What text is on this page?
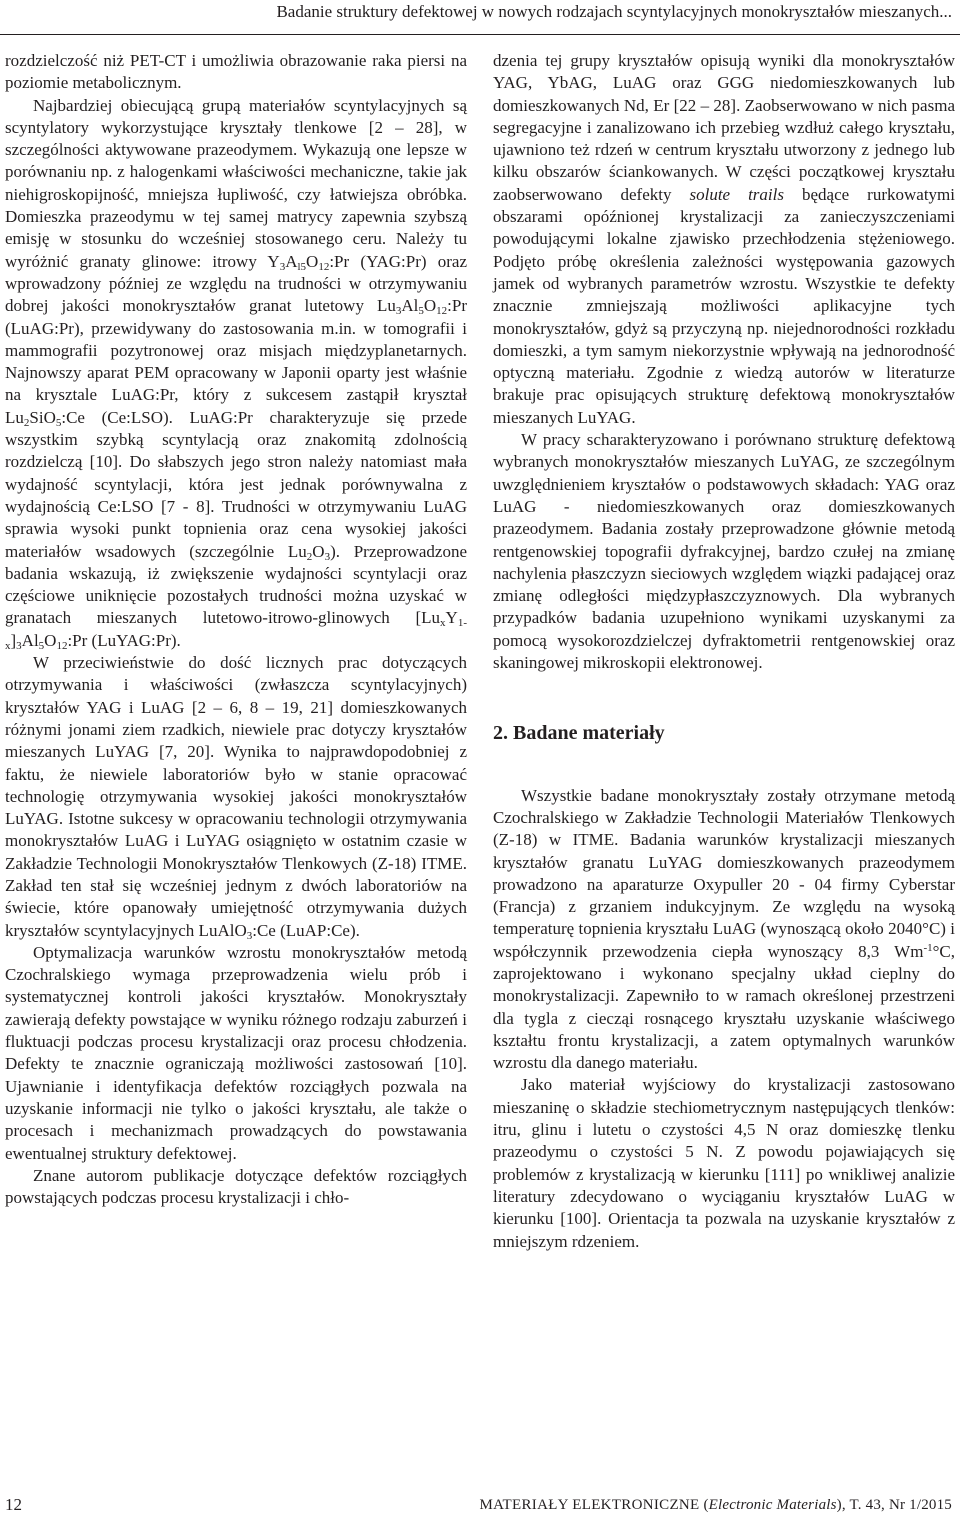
Badanie struktury defektowej w nowych rodzajach scyntylacyjnych monokryształów mieszanych...

rozdzielczość niż PET-CT i umożliwia obrazowanie raka piersi na poziomie metabolicznym.

Najbardziej obiecującą grupą materiałów scyntylacyjnych są scyntylatory wykorzystujące kryształy tlenkowe [2 – 28], w szczególności aktywowane prazeodymem. Wykazują one lepsze w porównaniu np. z halogenkami właściwości mechaniczne, takie jak niehigroskopijność, mniejsza łupliwość, czy łatwiejsza obróbka. Domieszka prazeodymu w tej samej matrycy zapewnia szybszą emisję w stosunku do wcześniej stosowanego ceru. Należy tu wyróżnić granaty glinowe: itrowy $Y_3A_{l5}O_{12}:Pr$ (YAG:Pr) oraz wprowadzony później ze względu na trudności w otrzymywaniu dobrej jakości monokryształów granat lutetowy $Lu_3Al_5O_{12}:Pr$ (LuAG:Pr), przewidywany do zastosowania m.in. w tomografii i mammografii pozytronowej oraz misjach międzyplanetarnych. Najnowszy aparat PEM opracowany w Japonii oparty jest właśnie na krysztale LuAG:Pr, który z sukcesem zastąpił kryształ $Lu_2SiO_5:Ce$ (Ce:LSO). LuAG:Pr charakteryzuje się przede wszystkim szybką scyntylacją oraz znakomitą zdolnością rozdzielczą [10]. Do słabszych jego stron należy natomiast mała wydajność scyntylacji, która jest jednak porównywalna z wydajnością Ce:LSO [7 - 8]. Trudności w otrzymywaniu LuAG sprawia wysoki punkt topnienia oraz cena wysokiej jakości materiałów wsadowych (szczególnie $Lu_2O_3$). Przeprowadzone badania wskazują, iż zwiększenie wydajności scyntylacji oraz częściowe uniknięcie pozostałych trudności można uzyskać w granatach mieszanych lutetowo-itrowo-glinowych $[Lu_xY_{1-x}]_3Al_5O_{12}:Pr$ (LuYAG:Pr).

W przeciwieństwie do dość licznych prac dotyczących otrzymywania i właściwości (zwłaszcza scyntylacyjnych) kryształów YAG i LuAG [2 – 6, 8 – 19, 21] domieszkowanych różnymi jonami ziem rzadkich, niewiele prac dotyczy kryształów mieszanych LuYAG [7, 20]. Wynika to najprawdopodobniej z faktu, że niewiele laboratoriów było w stanie opracować technologię otrzymywania wysokiej jakości monokryształów LuYAG. Istotne sukcesy w opracowaniu technologii otrzymywania monokryształów LuAG i LuYAG osiągnięto w ostatnim czasie w Zakładzie Technologii Monokryształów Tlenkowych (Z-18) ITME. Zakład ten stał się wcześniej jednym z dwóch laboratoriów na świecie, które opanowały umiejętność otrzymywania dużych kryształów scyntylacyjnych LuAlO$_3$:Ce (LuAP:Ce).

Optymalizacja warunków wzrostu monokryształów metodą Czochralskiego wymaga przeprowadzenia wielu prób i systematycznej kontroli jakości kryształów. Monokryształy zawierają defekty powstające w wyniku różnego rodzaju zaburzeń i fluktuacji podczas procesu krystalizacji oraz procesu chłodzenia. Defekty te znacznie ograniczają możliwości zastosowań [10]. Ujawnianie i identyfikacja defektów rozciągłych pozwala na uzyskanie informacji nie tylko o jakości kryształu, ale także o procesach i mechanizmach prowadzących do powstawania ewentualnej struktury defektowej.

Znane autorom publikacje dotyczące defektów rozciągłych powstających podczas procesu krystalizacji i chło-

dzenia tej grupy kryształów opisują wyniki dla monokryształów YAG, YbAG, LuAG oraz GGG niedomieszkowanych lub domieszkowanych Nd, Er [22 – 28]. Zaobserwowano w nich pasma segregacyjne i zanalizowano ich przebieg wzdłuż całego kryształu, ujawniono też rdzeń w centrum kryształu utworzony z jednego lub kilku obszarów ściankowanych. W części początkowej kryształu zaobserwowano defekty solute trails będące rurkowatymi obszarami opóźnionej krystalizacji za zanieczyszczeniami powodującymi lokalne zjawisko przechłodzenia stężeniowego. Podjęto próbę określenia zależności występowania gazowych jamek od wybranych parametrów wzrostu. Wszystkie te defekty znacznie zmniejszają możliwości aplikacyjne tych monokryształów, gdyż są przyczyną np. niejednorodności rozkładu domieszki, a tym samym niekorzystnie wpływają na jednorodność optyczną materiału. Zgodnie z wiedzą autorów w literaturze brakuje prac opisujących strukturę defektową monokryształów mieszanych LuYAG.

W pracy scharakteryzowano i porównano strukturę defektową wybranych monokryształów mieszanych LuYAG, ze szczególnym uwzględnieniem kryształów o podstawowych składach: YAG oraz LuAG - niedomieszkowanych oraz domieszkowanych prazeodymem. Badania zostały przeprowadzone głównie metodą rentgenowskiej topografii dyfrakcyjnej, bardzo czułej na zmianę nachylenia płaszczyzn sieciowych względem wiązki padającej oraz zmianę odległości międzypłaszczyznowych. Dla wybranych przypadków badania uzupełniono wynikami uzyskanymi za pomocą wysokorozdzielczej dyfraktometrii rentgenowskiej oraz skaningowej mikroskopii elektronowej.

2. Badane materiały

Wszystkie badane monokryształy zostały otrzymane metodą Czochralskiego w Zakładzie Technologii Materiałów Tlenkowych (Z-18) w ITME. Badania warunków krystalizacji mieszanych kryształów granatu LuYAG domieszkowanych prazeodymem prowadzono na aparaturze Oxypuller 20 - 04 firmy Cyberstar (Francja) z grzaniem indukcyjnym. Ze względu na wysoką temperaturę topnienia kryształu LuAG (wynoszącą około 2040°C) i współczynnik przewodzenia ciepła wynoszący 8,3 $Wm^{-1}^\circ C$, zaprojektowano i wykonano specjalny układ cieplny do monokrystalizacji. Zapewniło to w ramach określonej przestrzeni dla tygla z ciecząi rosnącego kryształu uzyskanie właściwego kształtu frontu krystalizacji, a zatem optymalnych warunków wzrostu dla danego materiału.

Jako materiał wyjściowy do krystalizacji zastosowano mieszaninę o składzie stechiometrycznym następujących tlenków: itru, glinu i lutetu o czystości 4,5 N oraz domieszkę tlenku prazeodymu o czystości 5 N. Z powodu pojawiających się problemów z krystalizacją w kierunku [111] po wnikliwej analizie literatury zdecydowano o wyciąganiu kryształów LuAG w kierunku [100]. Orientacja ta pozwala na uzyskanie kryształów z mniejszym rdzeniem.

12	MATERIAŁY ELEKTRONICZNE (Electronic Materials), T. 43, Nr 1/2015
